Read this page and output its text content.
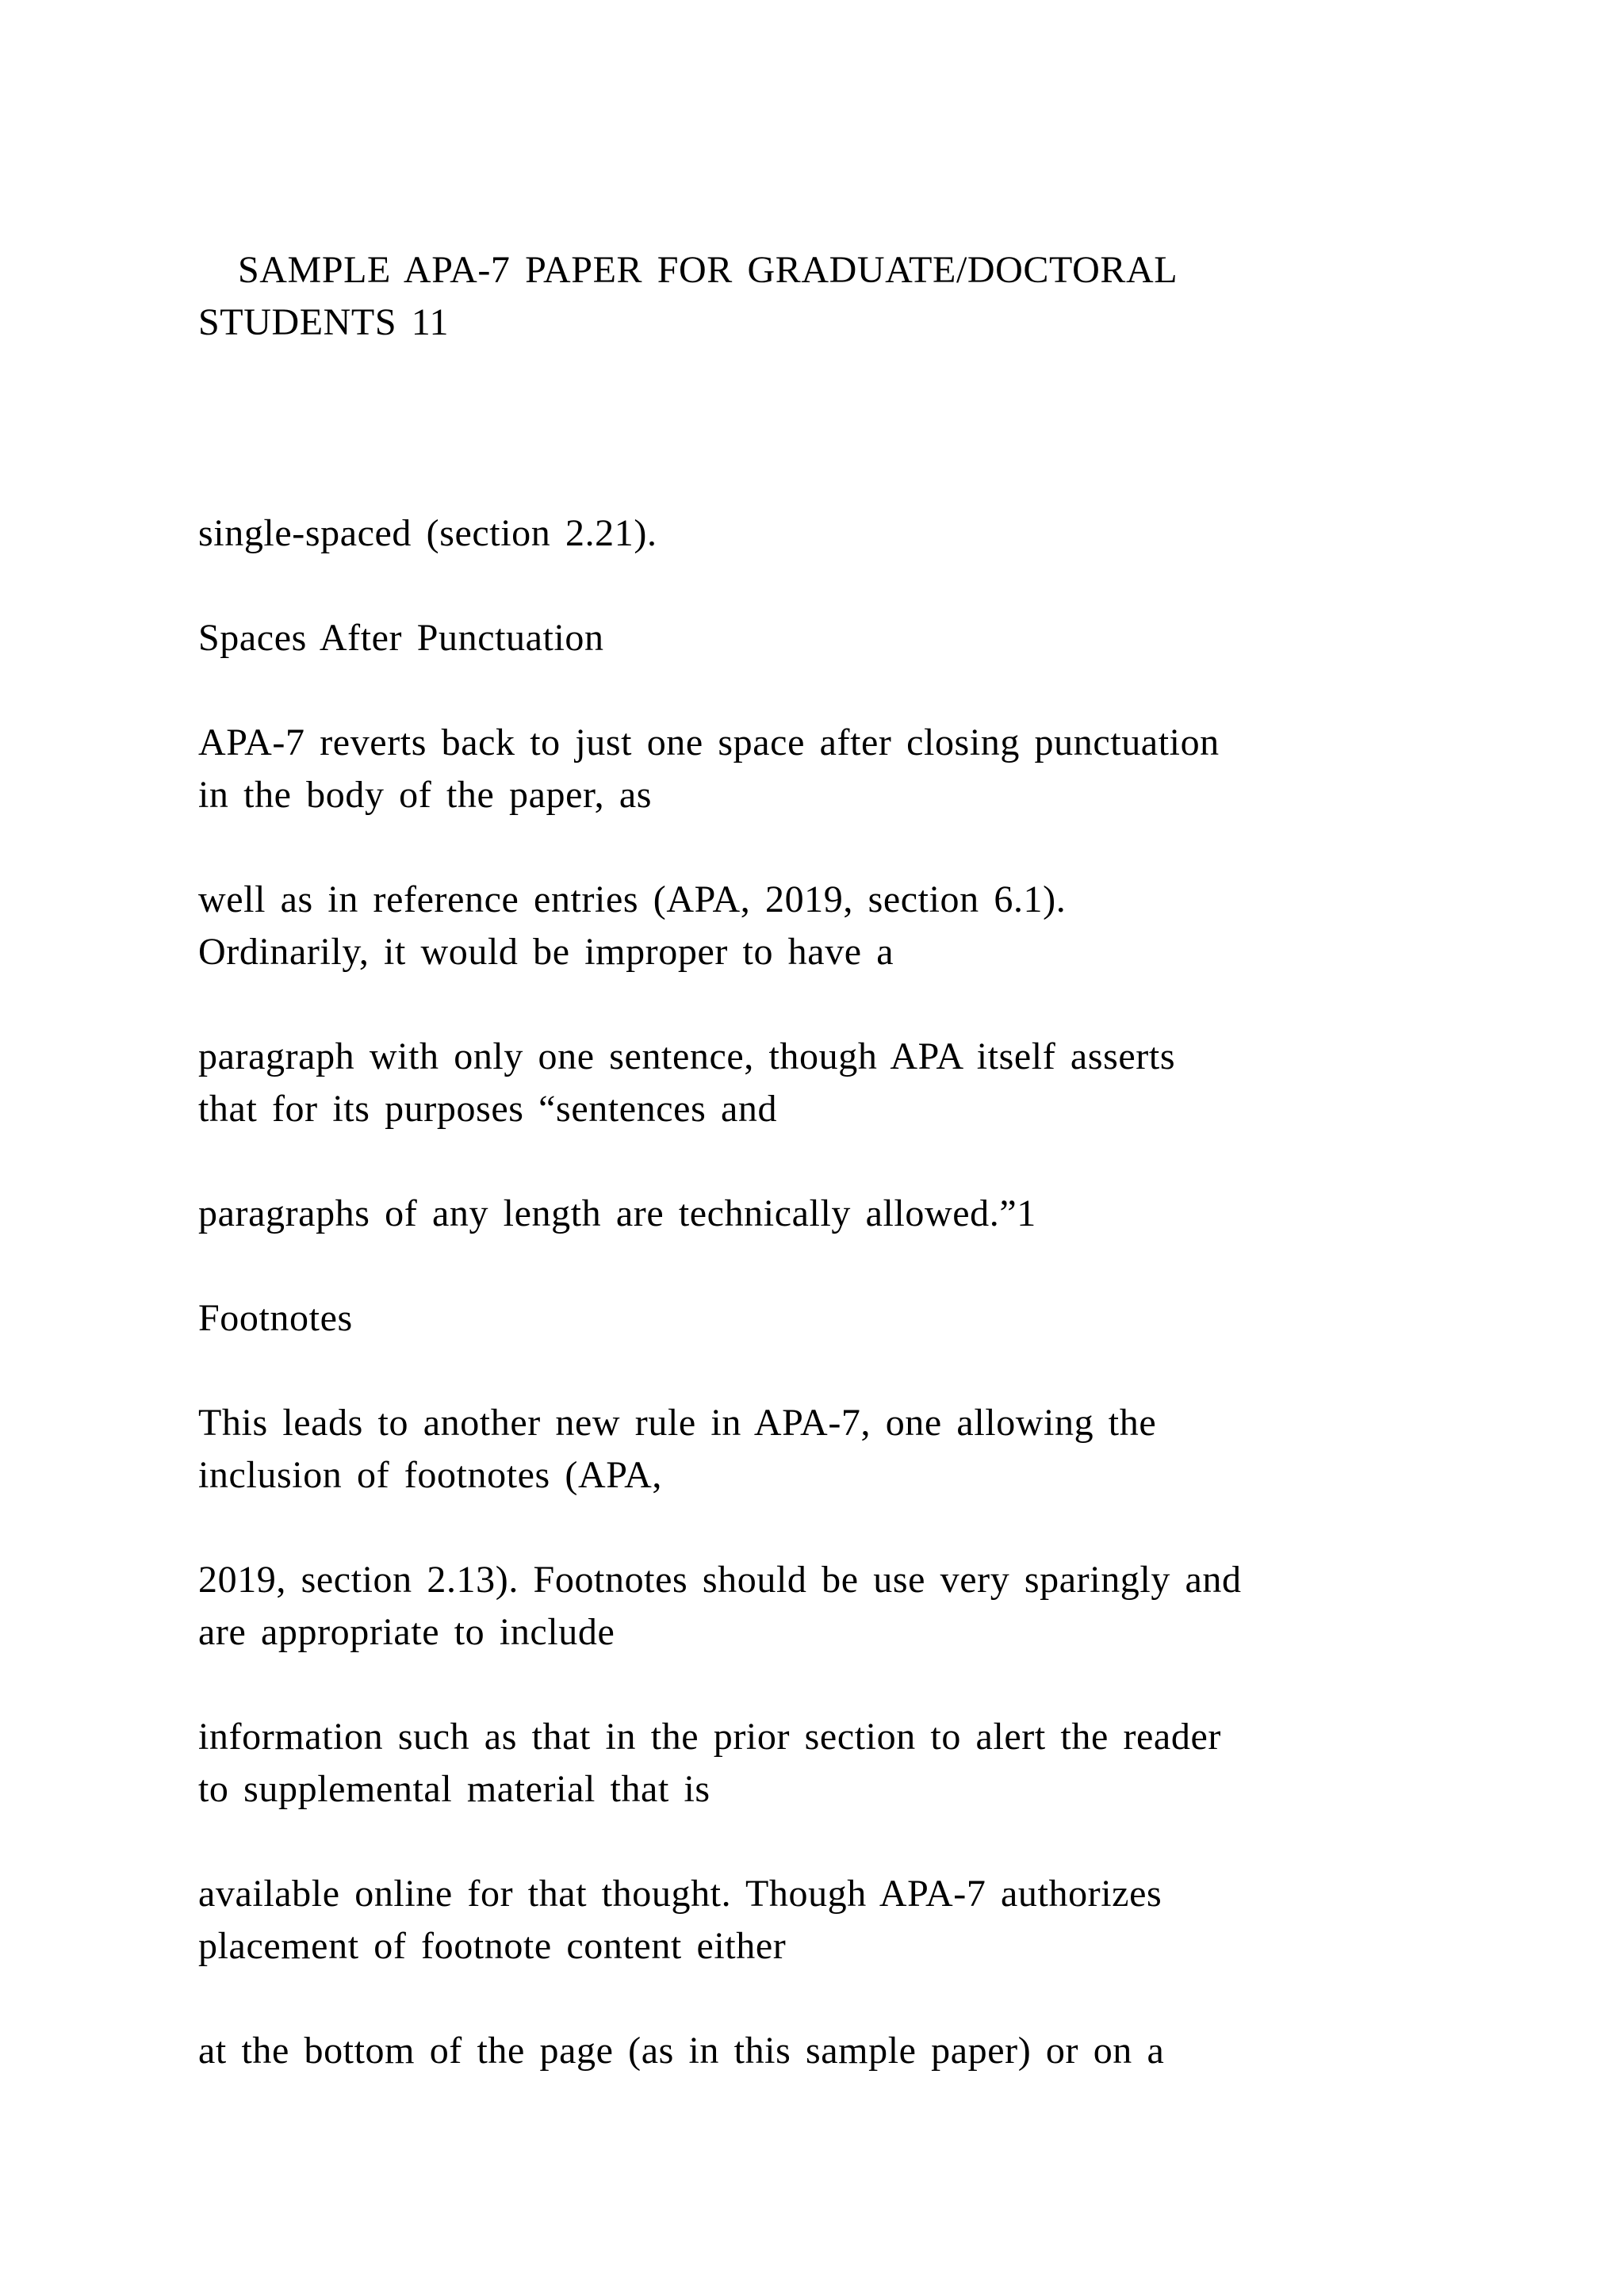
SAMPLE APA-7 PAPER FOR GRADUATE/DOCTORAL
STUDENTS 11
single-spaced (section 2.21).
Spaces After Punctuation
APA-7 reverts back to just one space after closing punctuation
in the body of the paper, as
well as in reference entries (APA, 2019, section 6.1).
Ordinarily, it would be improper to have a
paragraph with only one sentence, though APA itself asserts
that for its purposes “sentences and
paragraphs of any length are technically allowed.”1
Footnotes
This leads to another new rule in APA-7, one allowing the
inclusion of footnotes (APA,
2019, section 2.13). Footnotes should be use very sparingly and
are appropriate to include
information such as that in the prior section to alert the reader
to supplemental material that is
available online for that thought. Though APA-7 authorizes
placement of footnote content either
at the bottom of the page (as in this sample paper) or on a
